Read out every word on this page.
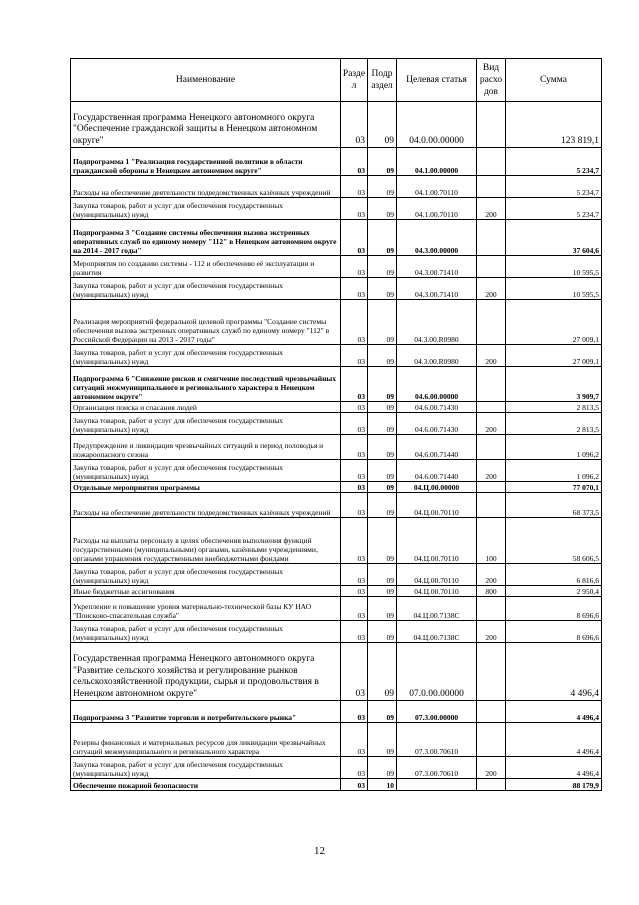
Наименование	Разде л	Подр аздел	Целевая статья	Вид расхо дов	Сумма
Государственная программа Ненецкого автономного округа "Обеспечение гражданской защиты в Ненецком автономном округе"	03	09	04.0.00.00000		123 819,1
Подпрограмма 1 "Реализация государственной политики в области гражданской обороны в Ненецком автономном округе"	03	09	04.1.00.00000		5 234,7
Расходы на обеспечение деятельности подведомственных казённых учреждений	03	09	04.1.00.70110		5 234,7
Закупка товаров, работ и услуг для обеспечения государственных (муниципальных) нужд	03	09	04.1.00.70110	200	5 234,7
Подпрограмма 3 "Создание системы обеспечения вызова экстренных оперативных служб по единому номеру "112" в Ненецком автономном округе на 2014 - 2017 годы"	03	09	04.3.00.00000		37 604,6
Мероприятия по созданию системы - 112 и обеспечению её эксплуатации и развития	03	09	04.3.00.71410		10 595,5
Закупка товаров, работ и услуг для обеспечения государственных (муниципальных) нужд	03	09	04.3.00.71410	200	10 595,5
Реализация мероприятий федеральной целевой программы "Создание системы обеспечения вызова экстренных оперативных служб по единому номеру "112" в Российской Федерации на 2013 - 2017 годы"	03	09	04.3.00.R0980		27 009,1
Закупка товаров, работ и услуг для обеспечения государственных (муниципальных) нужд	03	09	04.3.00.R0980	200	27 009,1
Подпрограмма 6 "Снижение рисков и смягчение последствий чрезвычайных ситуаций межмуниципального и регионального характера в Ненецком автономном округе"	03	09	04.6.00.00000		3 909,7
Организация поиска и спасания людей	03	09	04.6.00.71430		2 813,5
Закупка товаров, работ и услуг для обеспечения государственных (муниципальных) нужд	03	09	04.6.00.71430	200	2 813,5
Предупреждение и ликвидация чрезвычайных ситуаций в период половодья и пожароопасного сезона	03	09	04.6.00.71440		1 096,2
Закупка товаров, работ и услуг для обеспечения государственных (муниципальных) нужд	03	09	04.6.00.71440	200	1 096,2
Отдельные мероприятия программы	03	09	04.Ц.00.00000		77 070,1
Расходы на обеспечение деятельности подведомственных казённых учреждений	03	09	04.Ц.00.70110		68 373,5
Расходы на выплаты персоналу в целях обеспечения выполнения функций государственными (муниципальными) органами, казёнными учреждениями, органами управления государственными внебюджетными фондами	03	09	04.Ц.00.70110	100	58 606,5
Закупка товаров, работ и услуг для обеспечения государственных (муниципальных) нужд	03	09	04.Ц.00.70110	200	6 816,6
Иные бюджетные ассигнования	03	09	04.Ц.00.70110	800	2 950,4
Укрепление и повышение уровня материально-технической базы КУ НАО "Поисково-спасательная служба"	03	09	04.Ц.00.7138С		8 696,6
Закупка товаров, работ и услуг для обеспечения государственных (муниципальных) нужд	03	09	04.Ц.00.7138С	200	8 696,6
Государственная программа Ненецкого автономного округа "Развитие сельского хозяйства и регулирование рынков сельскохозяйственной продукции, сырья и продовольствия в Ненецком автономном округе"	03	09	07.0.00.00000		4 496,4
Подпрограмма 3 "Развитие торговли и потребительского рынка"	03	09	07.3.00.00000		4 496,4
Резервы финансовых и материальных ресурсов для ликвидации чрезвычайных ситуаций межмуниципального и регионального характера	03	09	07.3.00.70610		4 496,4
Закупка товаров, работ и услуг для обеспечения государственных (муниципальных) нужд	03	09	07.3.00.70610	200	4 496,4
Обеспечение пожарной безопасности	03	10			88 179,9
12
